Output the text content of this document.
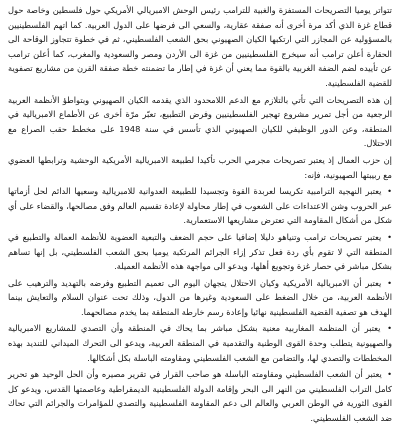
تتواتر يوميا التصريحات المستفزة والغبية للترامب رئيس الوحش الامبريالي الأمريكي حول فلسطين وخاصة حول قطاع غزة الذي أكد مرة أخرى أنه صفقة عقارية، والسعي الى فرضها على الدول العربية. كما اتهم الفلسطينيين بالمسؤولية عن المجازر التي ارتكبها الكيان الصهيوني بحق الشعب الفلسطيني، ثم في خطوة تتجاوز الوقاحة الى الحقارة أعلن ترامب أنه سيخرج الفلسطينيين من غزة الى الأردن ومصر والسعودية والمغرب، كما أعلن ترامب عن تأييده لضم الضفة الغربية بالقوة مما يعني أن غزة في إطار ما تضمنته خطة صفقة القرن من مشاريع تصفوية للقضية الفلسطينية.

إن هذه التصريحات التي تأتي بالتلازم مع الدعم اللامحدود الذي يقدمه الكيان الصهيوني وبتواطؤ الأنظمة العربية الرجعية من أجل تمرير مشروع تهجير الفلسطينيين وفرض التطبيع، تعبّر مرّة أخرى عن الأطماع الامبريالية في المنطقة، وعن الدور الوظيفي للكيان الصهيوني الذي تأسس في سنة 1948 على مخطط حقب الصراع مع الاحتلال.

إن حزب العمال إذ يعتبر تصريحات مجرمي الحرب تأكيدا لطبيعة الامبريالية الأمريكية الوحشية وترابطها العضوي مع ربيبتها الصهيونية، فإنه:

• يعتبر النهجية الترامبية تكريسا لعربدة القوة وتجسيدا للطبيعة العدوانية للامبريالية وسعيها الدائم لحل أزماتها عبر الحروب وشن الاعتداءات على الشعوب في إطار محاولة لإعادة تقسيم العالم وفق مصالحها، والقضاء على أي شكل من أشكال المقاومة التي تعترض مشاريعها الاستعمارية.

• يعتبر تصريحات ترامب وتنياهو دليلا إضافيا على حجم الضعف والتبعية العضوية للأنظمة العمالة والتطبيع في المنطقة التي لا تقوم بأي ردة فعل تذكر إزاء الجرائم المرتكبة يوميا بحق الشعب الفلسطيني، بل إنها تساهم بشكل مباشر في حصار غزة وتجويع أهلها، ويدعو الى مواجهة هذه الأنظمة العميلة.

• يعتبر أن الامبريالية الأمريكية وكيان الاحتلال يتجهان اليوم الى تعميم التطبيع وفرضه بالتهديد والترهيب على الأنظمة العربية، من خلال الضغط على السعودية وغيرها من الدول، وذلك تحت عنوان السلام والتعايش بينما الهدف هو تصفية القضية الفلسطينية نهائيا وإعادة رسم خارطة المنطقة بما يخدم مصالحهما.

• يعتبر أن المنظمة المغاربية معنية بشكل مباشر بما يحاك في المنطقة وأن التصدي للمشاريع الامبريالية والصهيونية يتطلب وحدة القوى الوطنية والتقدمية في المنطقة العربية، ويدعو الى التحرك الميداني للتنديد بهذه المخططات والتصدي لها، والتضامن مع الشعب الفلسطيني ومقاومته الباسلة بكل أشكالها.

• يعتبر أن الشعب الفلسطيني ومقاومته الباسلة هو صاحب القرار في تقرير مصيره وأن الحل الوحيد هو تحرير كامل التراب الفلسطيني من النهر الى البحر وإقامة الدولة الفلسطينية الديمقراطية وعاصمتها القدس، ويدعو كل القوى الثورية في الوطن العربي والعالم الى دعم المقاومة الفلسطينية والتصدي للمؤامرات والجرائم التي تحاك ضد الشعب الفلسطيني.
